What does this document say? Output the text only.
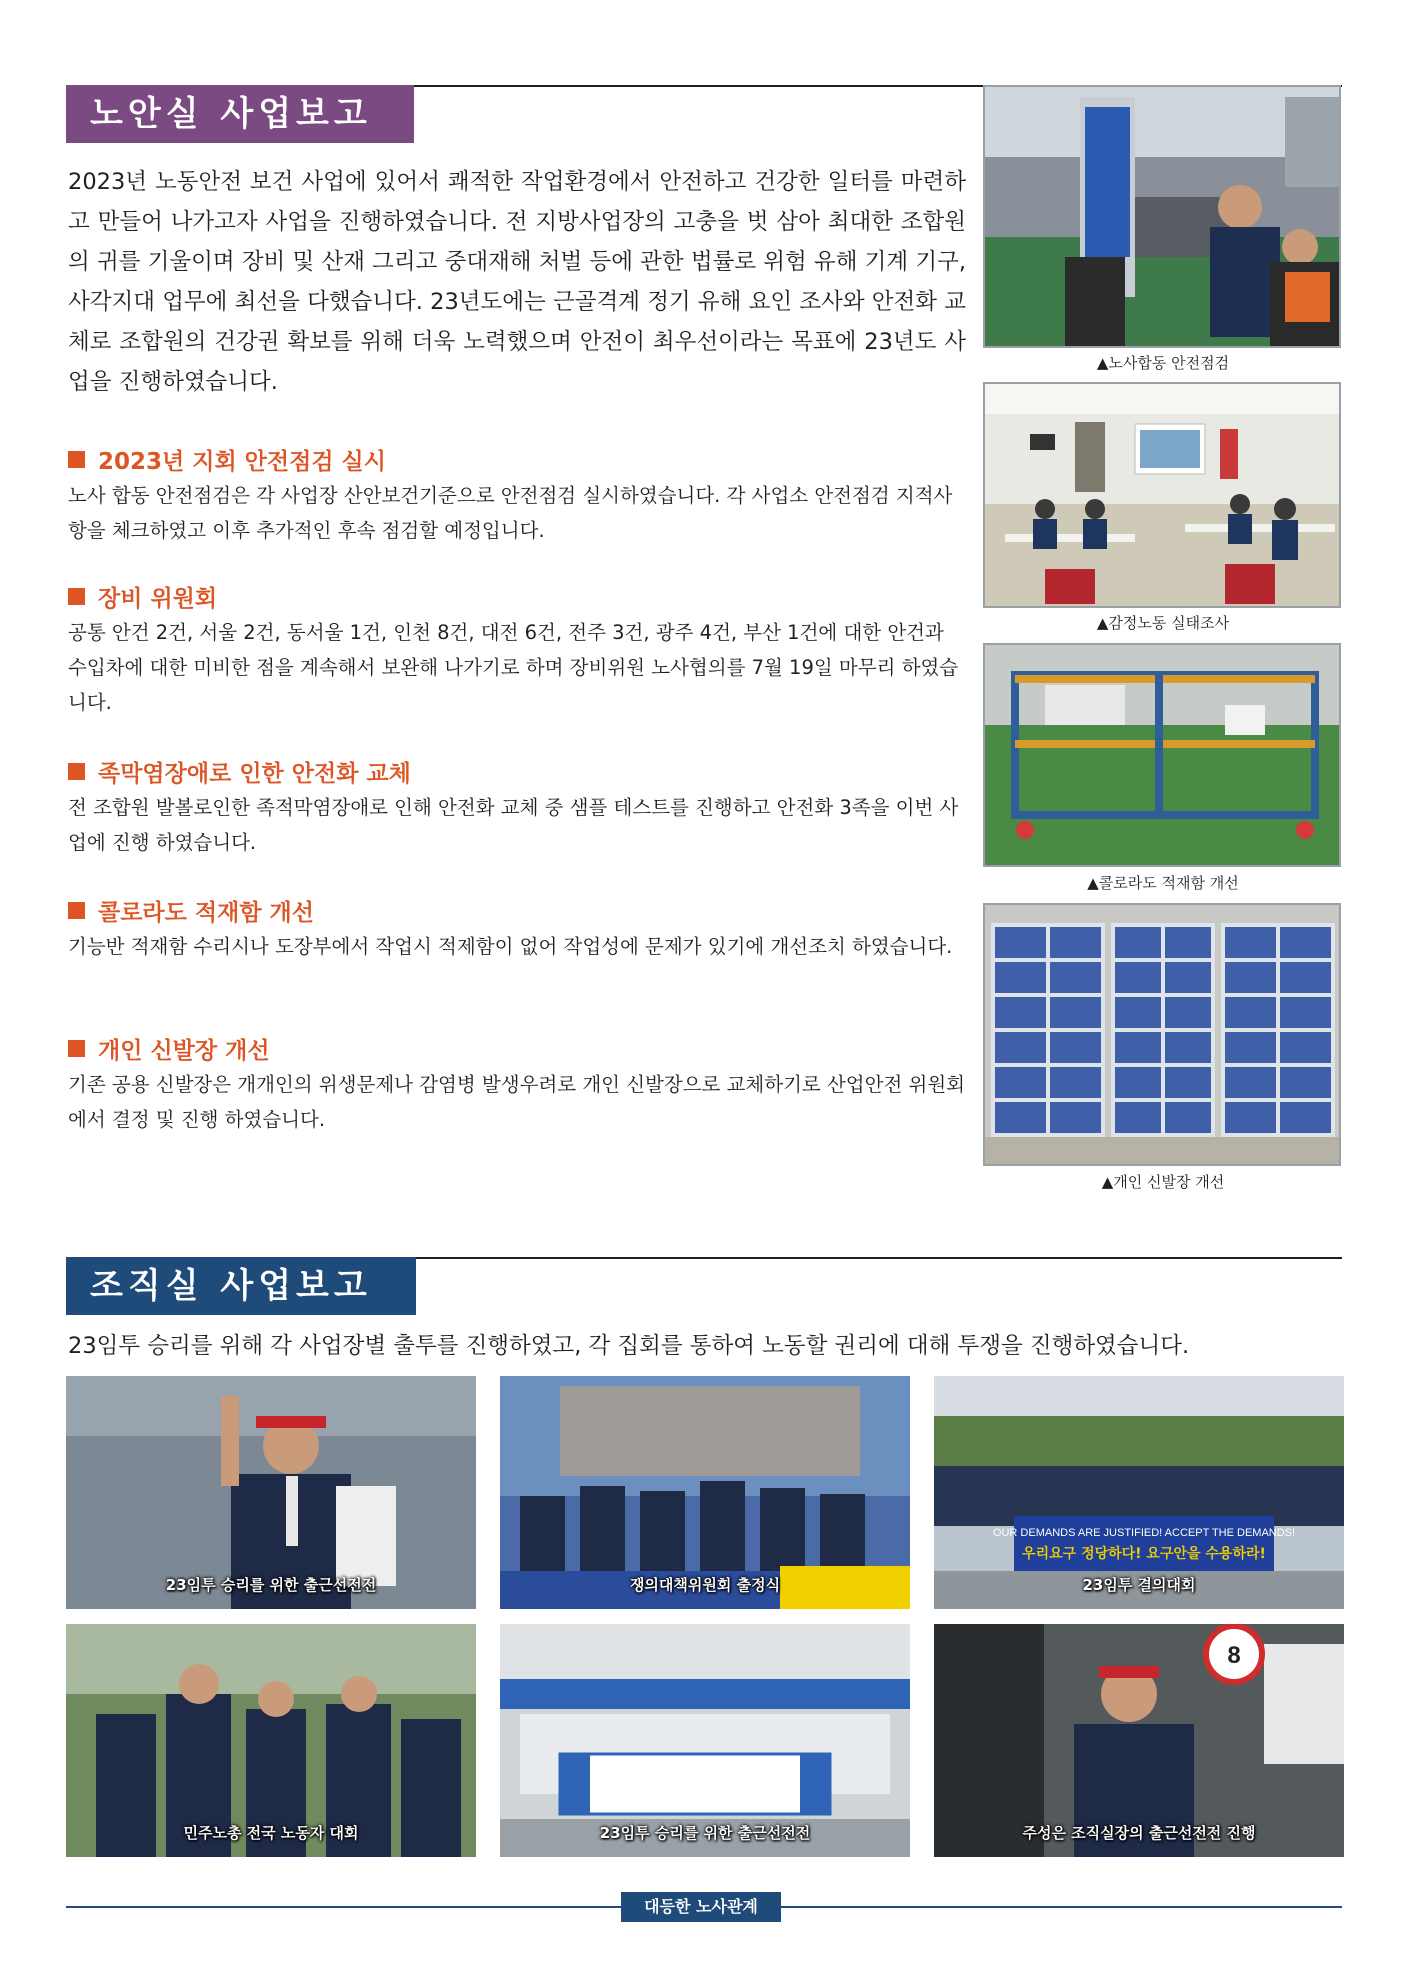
노안실 사업보고

2023년 노동안전 보건 사업에 있어서 쾌적한 작업환경에서 안전하고 건강한 일터를 마련하고 만들어 나가고자 사업을 진행하였습니다. 전 지방사업장의 고충을 벗 삼아 최대한 조합원의 귀를 기울이며 장비 및 산재 그리고 중대재해 처벌 등에 관한 법률로 위험 유해 기계 기구, 사각지대 업무에 최선을 다했습니다. 23년도에는 근골격계 정기 유해 요인 조사와 안전화 교체로 조합원의 건강권 확보를 위해 더욱 노력했으며 안전이 최우선이라는 목표에 23년도 사업을 진행하였습니다.

2023년 지회 안전점검 실시

노사 합동 안전점검은 각 사업장 산안보건기준으로 안전점검 실시하였습니다. 각 사업소 안전점검 지적사항을 체크하였고 이후 추가적인 후속 점검할 예정입니다.

장비 위원회

공통 안건 2건, 서울 2건, 동서울 1건, 인천 8건, 대전 6건, 전주 3건, 광주 4건, 부산 1건에 대한 안건과 수입차에 대한 미비한 점을 계속해서 보완해 나가기로 하며 장비위원 노사협의를 7월 19일 마무리 하였습니다.

족막염장애로 인한 안전화 교체

전 조합원 발볼로인한 족적막염장애로 인해 안전화 교체 중 샘플 테스트를 진행하고 안전화 3족을 이번 사업에 진행 하였습니다.

콜로라도 적재함 개선

기능반 적재함 수리시나 도장부에서 작업시 적제함이 없어 작업성에 문제가 있기에 개선조치 하였습니다.

개인 신발장 개선

기존 공용 신발장은 개개인의 위생문제나 감염병 발생우려로 개인 신발장으로 교체하기로 산업안전 위원회에서 결정 및 진행 하였습니다.

▲노사합동 안전점검
▲감정노동 실태조사
▲콜로라도 적재함 개선
▲개인 신발장 개선
조직실 사업보고

23임투 승리를 위해 각 사업장별 출투를 진행하였고, 각 집회를 통하여 노동할 권리에 대해 투쟁을 진행하였습니다.

23임투 승리를 위한 출근선전전	쟁의대책위원회 출정식
OUR DEMANDS ARE JUSTIFIED! ACCEPT THE DEMANDS!
우리요구 정당하다! 요구안을 수용하라!
23임투 결의대회
민주노총 전국 노동자 대회	23임투 승리를 위한 출근선전전
8
주성은 조직실장의 출근선전전 진행
대등한 노사관계
